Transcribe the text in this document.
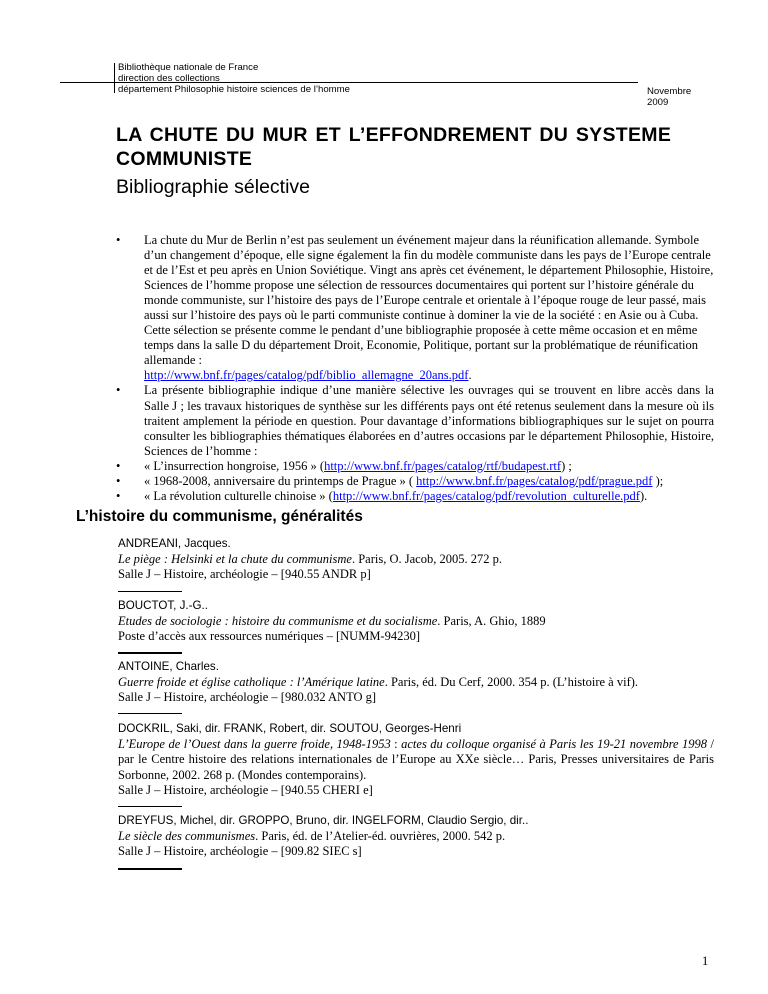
Bibliothèque nationale de France
direction des collections
département Philosophie histoire sciences de l’homme	Novembre
2009
LA CHUTE DU MUR ET L’EFFONDREMENT DU SYSTEME
COMMUNISTE
Bibliographie sélective
• La chute du Mur de Berlin n’est pas seulement un événement majeur dans la réunification allemande. Symbole d’un changement d’époque, elle signe également la fin du modèle communiste dans les pays de l’Europe centrale et de l’Est et peu après en Union Soviétique. Vingt ans après cet événement, le département Philosophie, Histoire, Sciences de l’homme propose une sélection de ressources documentaires qui portent sur l’histoire générale du monde communiste, sur l’histoire des pays de l’Europe centrale et orientale à l’époque rouge de leur passé, mais aussi sur l’histoire des pays où le parti communiste continue à dominer la vie de la société : en Asie ou à Cuba. Cette sélection se présente comme le pendant d’une bibliographie proposée à cette même occasion et en même temps dans la salle D du département Droit, Economie, Politique, portant sur la problématique de réunification allemande :
http://www.bnf.fr/pages/catalog/pdf/biblio_allemagne_20ans.pdf.
• La présente bibliographie indique d’une manière sélective les ouvrages qui se trouvent en libre accès dans la Salle J ; les travaux historiques de synthèse sur les différents pays ont été retenus seulement dans la mesure où ils traitent amplement la période en question. Pour davantage d’informations bibliographiques sur le sujet on pourra consulter les bibliographies thématiques élaborées en d’autres occasions par le département Philosophie, Histoire, Sciences de l’homme :
• « L’insurrection hongroise, 1956 » (http://www.bnf.fr/pages/catalog/rtf/budapest.rtf) ;
• « 1968-2008, anniversaire du printemps de Prague » ( http://www.bnf.fr/pages/catalog/pdf/prague.pdf );
• « La révolution culturelle chinoise » (http://www.bnf.fr/pages/catalog/pdf/revolution_culturelle.pdf).
L’histoire du communisme, généralités
ANDREANI, Jacques.
Le piège : Helsinki et la chute du communisme. Paris, O. Jacob, 2005. 272 p.
Salle J – Histoire, archéologie – [940.55 ANDR p]
BOUCTOT, J.-G..
Etudes de sociologie : histoire du communisme et du socialisme. Paris, A. Ghio, 1889
Poste d’accès aux ressources numériques – [NUMM-94230]
ANTOINE, Charles.
Guerre froide et église catholique : l’Amérique latine. Paris, éd. Du Cerf, 2000. 354 p. (L’histoire à vif).
Salle J – Histoire, archéologie – [980.032 ANTO g]
DOCKRIL, Saki, dir. FRANK, Robert, dir. SOUTOU, Georges-Henri
L’Europe de l’Ouest dans la guerre froide, 1948-1953 : actes du colloque organisé à Paris les 19-21 novembre 1998 / par le Centre histoire des relations internationales de l’Europe au XXe siècle… Paris, Presses universitaires de Paris Sorbonne, 2002. 268 p. (Mondes contemporains).
Salle J – Histoire, archéologie – [940.55 CHERI e]
DREYFUS, Michel, dir. GROPPO, Bruno, dir. INGELFORM, Claudio Sergio, dir..
Le siècle des communismes. Paris, éd. de l’Atelier-éd. ouvrières, 2000. 542 p.
Salle J – Histoire, archéologie – [909.82 SIEC s]
1
